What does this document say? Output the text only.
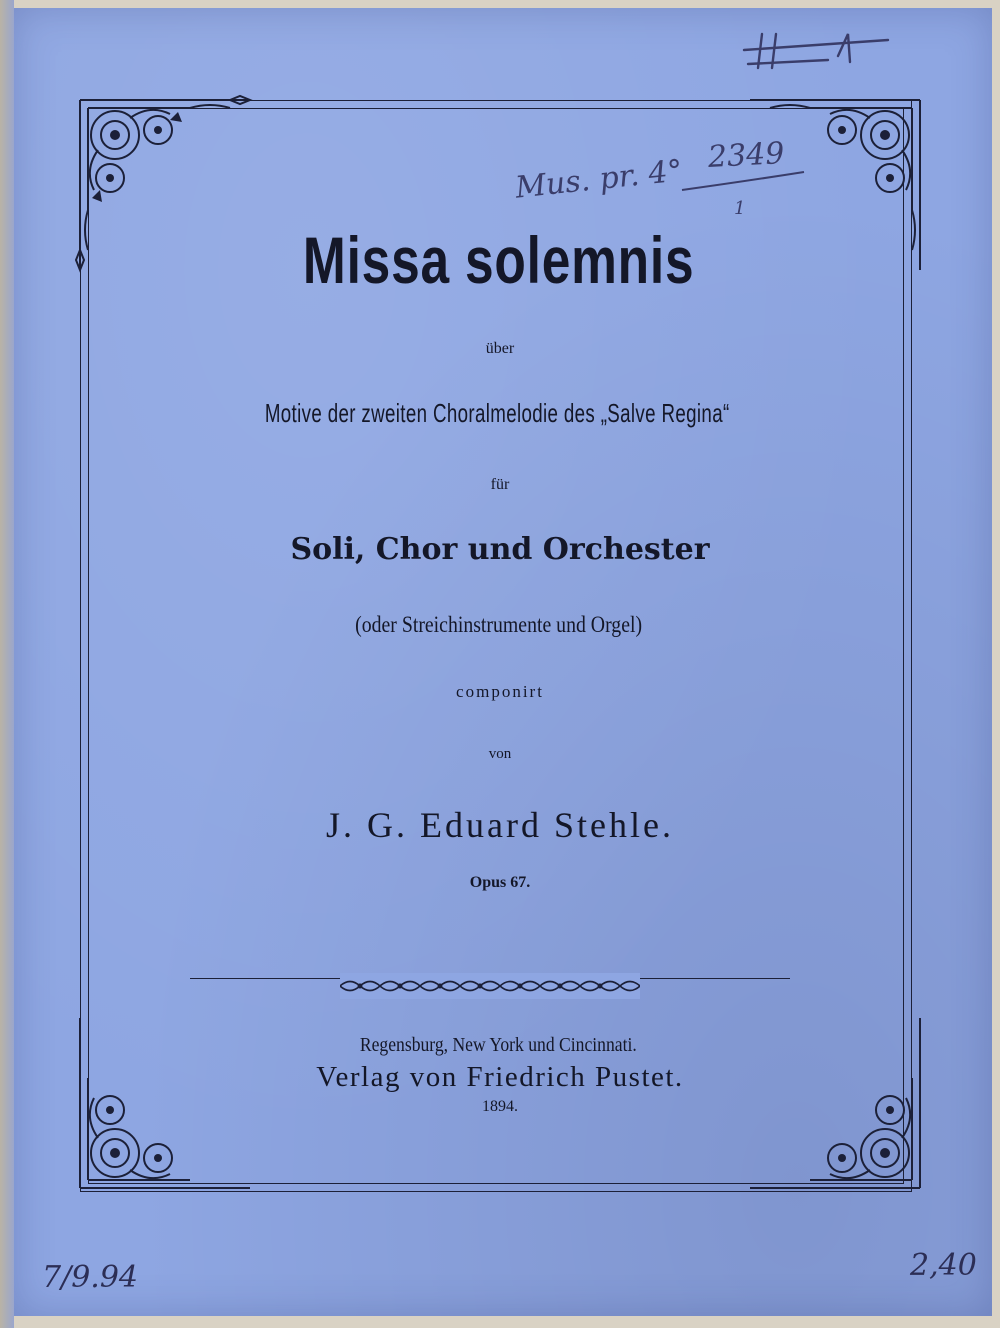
Missa solemnis
über
Motive der zweiten Choralmelodie des „Salve Regina“
für
Soli, Chor und Orchester
(oder Streichinstrumente und Orgel)
componirt
von
J. G. Eduard Stehle.
Opus 67.
Regensburg, New York und Cincinnati.
Verlag von Friedrich Pustet.
1894.
Mus. pr. 4° 2349
1
7/9.94	2,40
